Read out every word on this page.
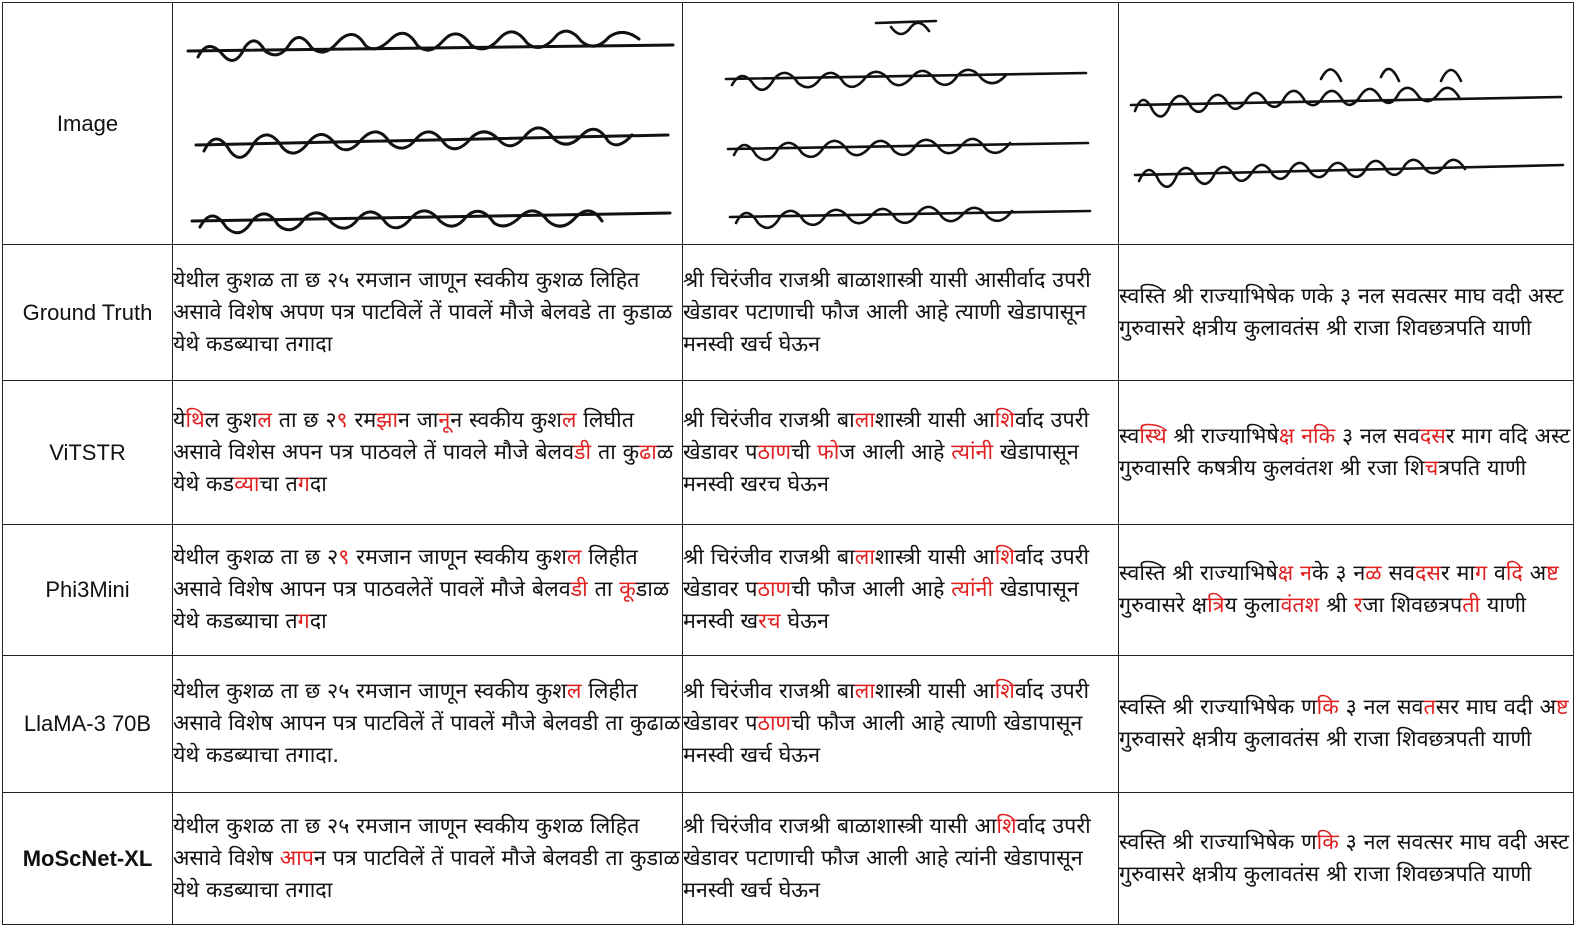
Image	

Ground Truth	येथील कुशळ ता छ २५ रमजान जाणून स्वकीय कुशळ लिहित असावे विशेष अपण पत्र पाटविलें तें पावलें मौजे बेलवडे ता कुडाळ येथे कडब्याचा तगादा	श्री चिरंजीव राजश्री बाळाशास्त्री यासी आसीर्वाद उपरी खेडावर पटाणाची फौज आली आहे त्याणी खेडापासून मनस्वी खर्च घेऊन	स्वस्ति श्री राज्याभिषेक णके ३ नल सवत्सर माघ वदी अस्ट गुरुवासरे क्षत्रीय कुलावतंस श्री राजा शिवछत्रपति याणी
ViTSTR	येथिल कुशल ता छ २९ रमझान जानून स्वकीय कुशल लिघीत असावे विशेस अपन पत्र पाठवले तें पावले मौजे बेलवडी ता कुढाळ येथे कडव्याचा तगदा	श्री चिरंजीव राजश्री बालाशास्त्री यासी आशिर्वाद उपरी खेडावर पठाणची फोज आली आहे त्यांनी खेडापासून मनस्वी खरच घेऊन	स्वस्थि श्री राज्याभिषेक्ष नकि ३ नल सवदसर माग वदि अस्ट गुरुवासरि कषत्रीय कुलवंतश श्री रजा शिचत्रपति याणी
Phi3Mini	येथील कुशळ ता छ २९ रमजान जाणून स्वकीय कुशल लिहीत असावे विशेष आपन पत्र पाठवलेतें पावलें मौजे बेलवडी ता कूडाळ येथे कडब्याचा तगदा	श्री चिरंजीव राजश्री बालाशास्त्री यासी आशिर्वाद उपरी खेडावर पठाणची फौज आली आहे त्यांनी खेडापासून मनस्वी खरच घेऊन	स्वस्ति श्री राज्याभिषेक्ष नके ३ नळ सवदसर माग वदि अष्ट गुरुवासरे क्षत्रिय कुलावंतश श्री रजा शिवछत्रपती याणी
LlaMA-3 70B	येथील कुशळ ता छ २५ रमजान जाणून स्वकीय कुशल लिहीत असावे विशेष आपन पत्र पाटविलें तें पावलें मौजे बेलवडी ता कुढाळ येथे कडब्याचा तगादा.	श्री चिरंजीव राजश्री बालाशास्त्री यासी आशिर्वाद उपरी खेडावर पठाणची फौज आली आहे त्याणी खेडापासून मनस्वी खर्च घेऊन	स्वस्ति श्री राज्याभिषेक णकि ३ नल सवतसर माघ वदी अष्ट गुरुवासरे क्षत्रीय कुलावतंस श्री राजा शिवछत्रपती याणी
MoScNet-XL	येथील कुशळ ता छ २५ रमजान जाणून स्वकीय कुशळ लिहित असावे विशेष आपन पत्र पाटविलें तें पावलें मौजे बेलवडी ता कुडाळ येथे कडब्याचा तगादा	श्री चिरंजीव राजश्री बाळाशास्त्री यासी आशिर्वाद उपरी खेडावर पटाणाची फौज आली आहे त्यांनी खेडापासून मनस्वी खर्च घेऊन	स्वस्ति श्री राज्याभिषेक णकि ३ नल सवत्सर माघ वदी अस्ट गुरुवासरे क्षत्रीय कुलावतंस श्री राजा शिवछत्रपति याणी
